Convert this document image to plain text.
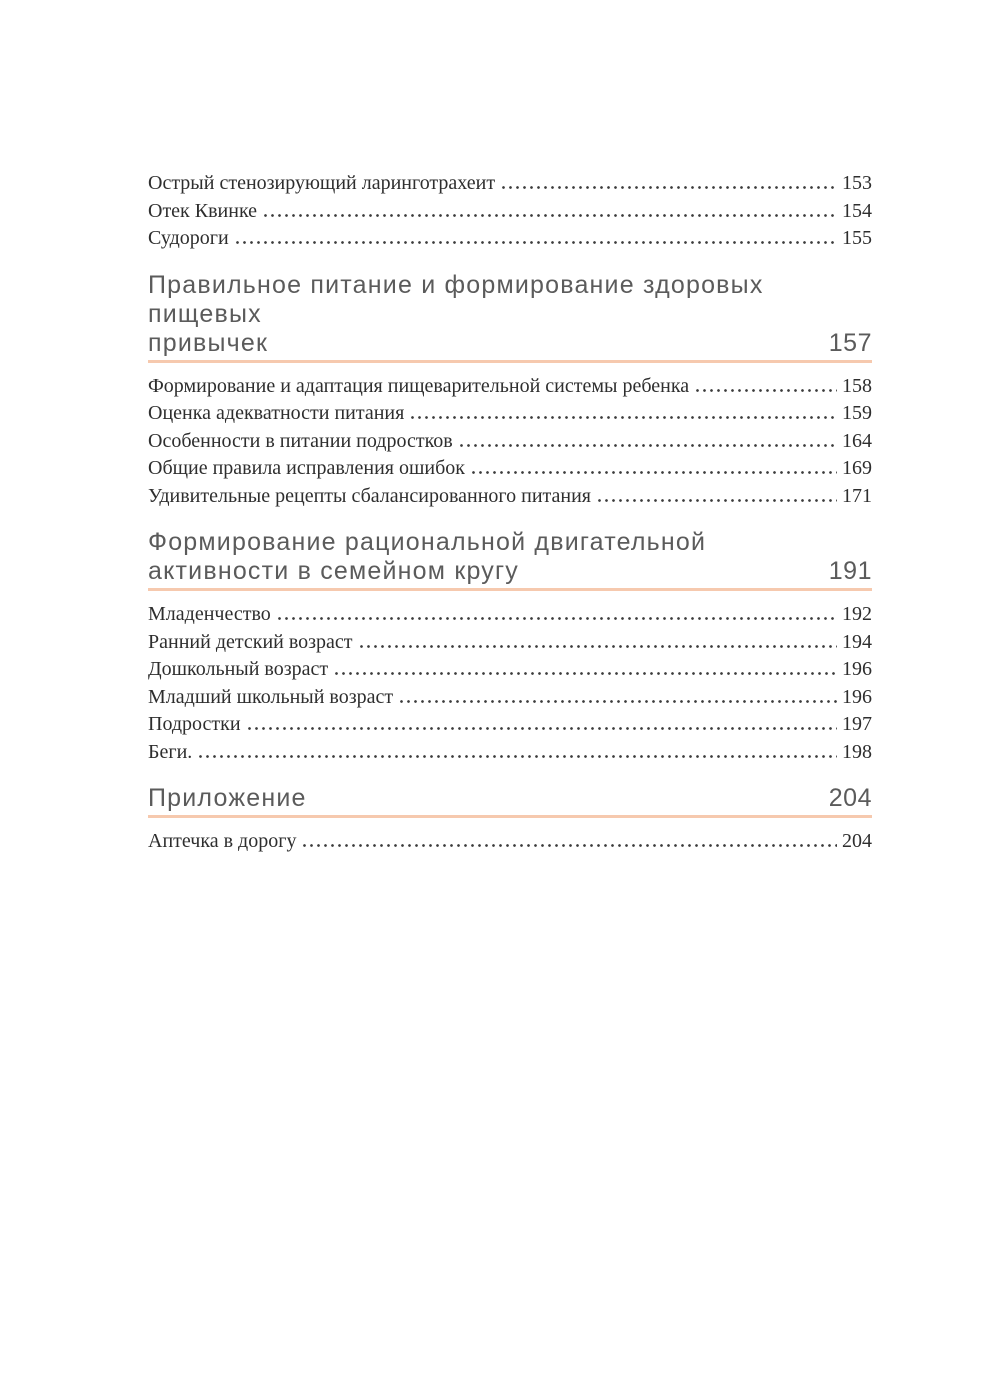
Острый стенозирующий ларинготрахеит	153
Отек Квинке	154
Судороги	155
Правильное питание и формирование здоровых пищевых
привычек	157
Формирование и адаптация пищеварительной системы ребенка	158
Оценка адекватности питания	159
Особенности в питании подростков	164
Общие правила исправления ошибок	169
Удивительные рецепты сбалансированного питания	171
Формирование рациональной двигательной
активности в семейном кругу	191
Младенчество	192
Ранний детский возраст	194
Дошкольный возраст	196
Младший школьный возраст	196
Подростки	197
Беги.	198
Приложение	204
Аптечка в дорогу	204
